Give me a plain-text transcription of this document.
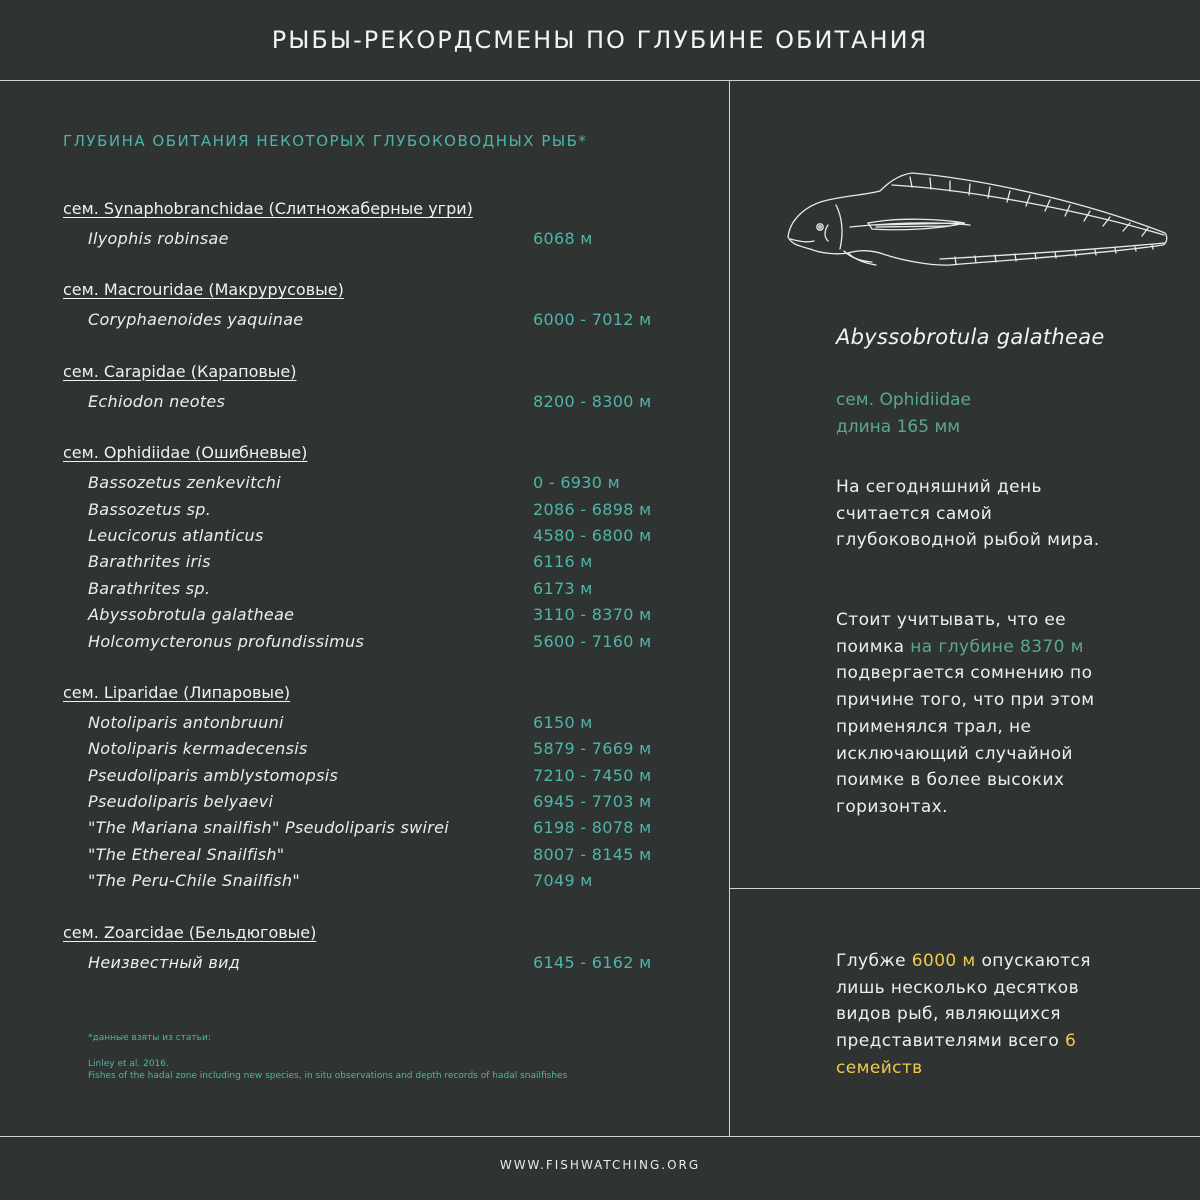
РЫБЫ-РЕКОРДСМЕНЫ ПО ГЛУБИНЕ ОБИТАНИЯ
ГЛУБИНА ОБИТАНИЯ НЕКОТОРЫХ ГЛУБОКОВОДНЫХ РЫБ*
сем. Synaphobranchidae (Слитножаберные угри)
Ilyophis robinsae	6068 м
сем. Macrouridae (Макрурусовые)
Coryphaenoides yaquinae	6000 - 7012 м
сем. Carapidae (Караповые)
Echiodon neotes	8200 - 8300 м
сем. Ophidiidae (Ошибневые)
Bassozetus zenkevitchi	0 - 6930 м
Bassozetus sp.	2086 - 6898 м
Leucicorus atlanticus	4580 - 6800 м
Barathrites iris	6116 м
Barathrites sp.	6173 м
Abyssobrotula galatheae	3110 - 8370 м
Holcomycteronus profundissimus	5600 - 7160 м
сем. Liparidae (Липаровые)
Notoliparis antonbruuni	6150 м
Notoliparis kermadecensis	5879 - 7669 м
Pseudoliparis amblystomopsis	7210 - 7450 м
Pseudoliparis belyaevi	6945 - 7703 м
"The Mariana snailfish" Pseudoliparis swirei	6198 - 8078 м
"The Ethereal Snailfish"	8007 - 8145 м
"The Peru-Chile Snailfish"	7049 м
сем. Zoarcidae (Бельдюговые)
Неизвестный вид	6145 - 6162 м
*данные взяты из статьи:
Linley et al. 2016.
Fishes of the hadal zone including new species, in situ observations and depth records of hadal snailfishes
Abyssobrotula galatheae
сем. Ophidiidae
длина 165 мм
На сегодняшний день считается самой глубоководной рыбой мира.
Стоит учитывать, что ее поимка на глубине 8370 м подвергается сомнению по причине того, что при этом применялся трал, не исключающий случайной поимке в более высоких горизонтах.
Глубже 6000 м опускаются лишь несколько десятков видов рыб, являющихся представителями всего 6 семейств
WWW.FISHWATCHING.ORG
